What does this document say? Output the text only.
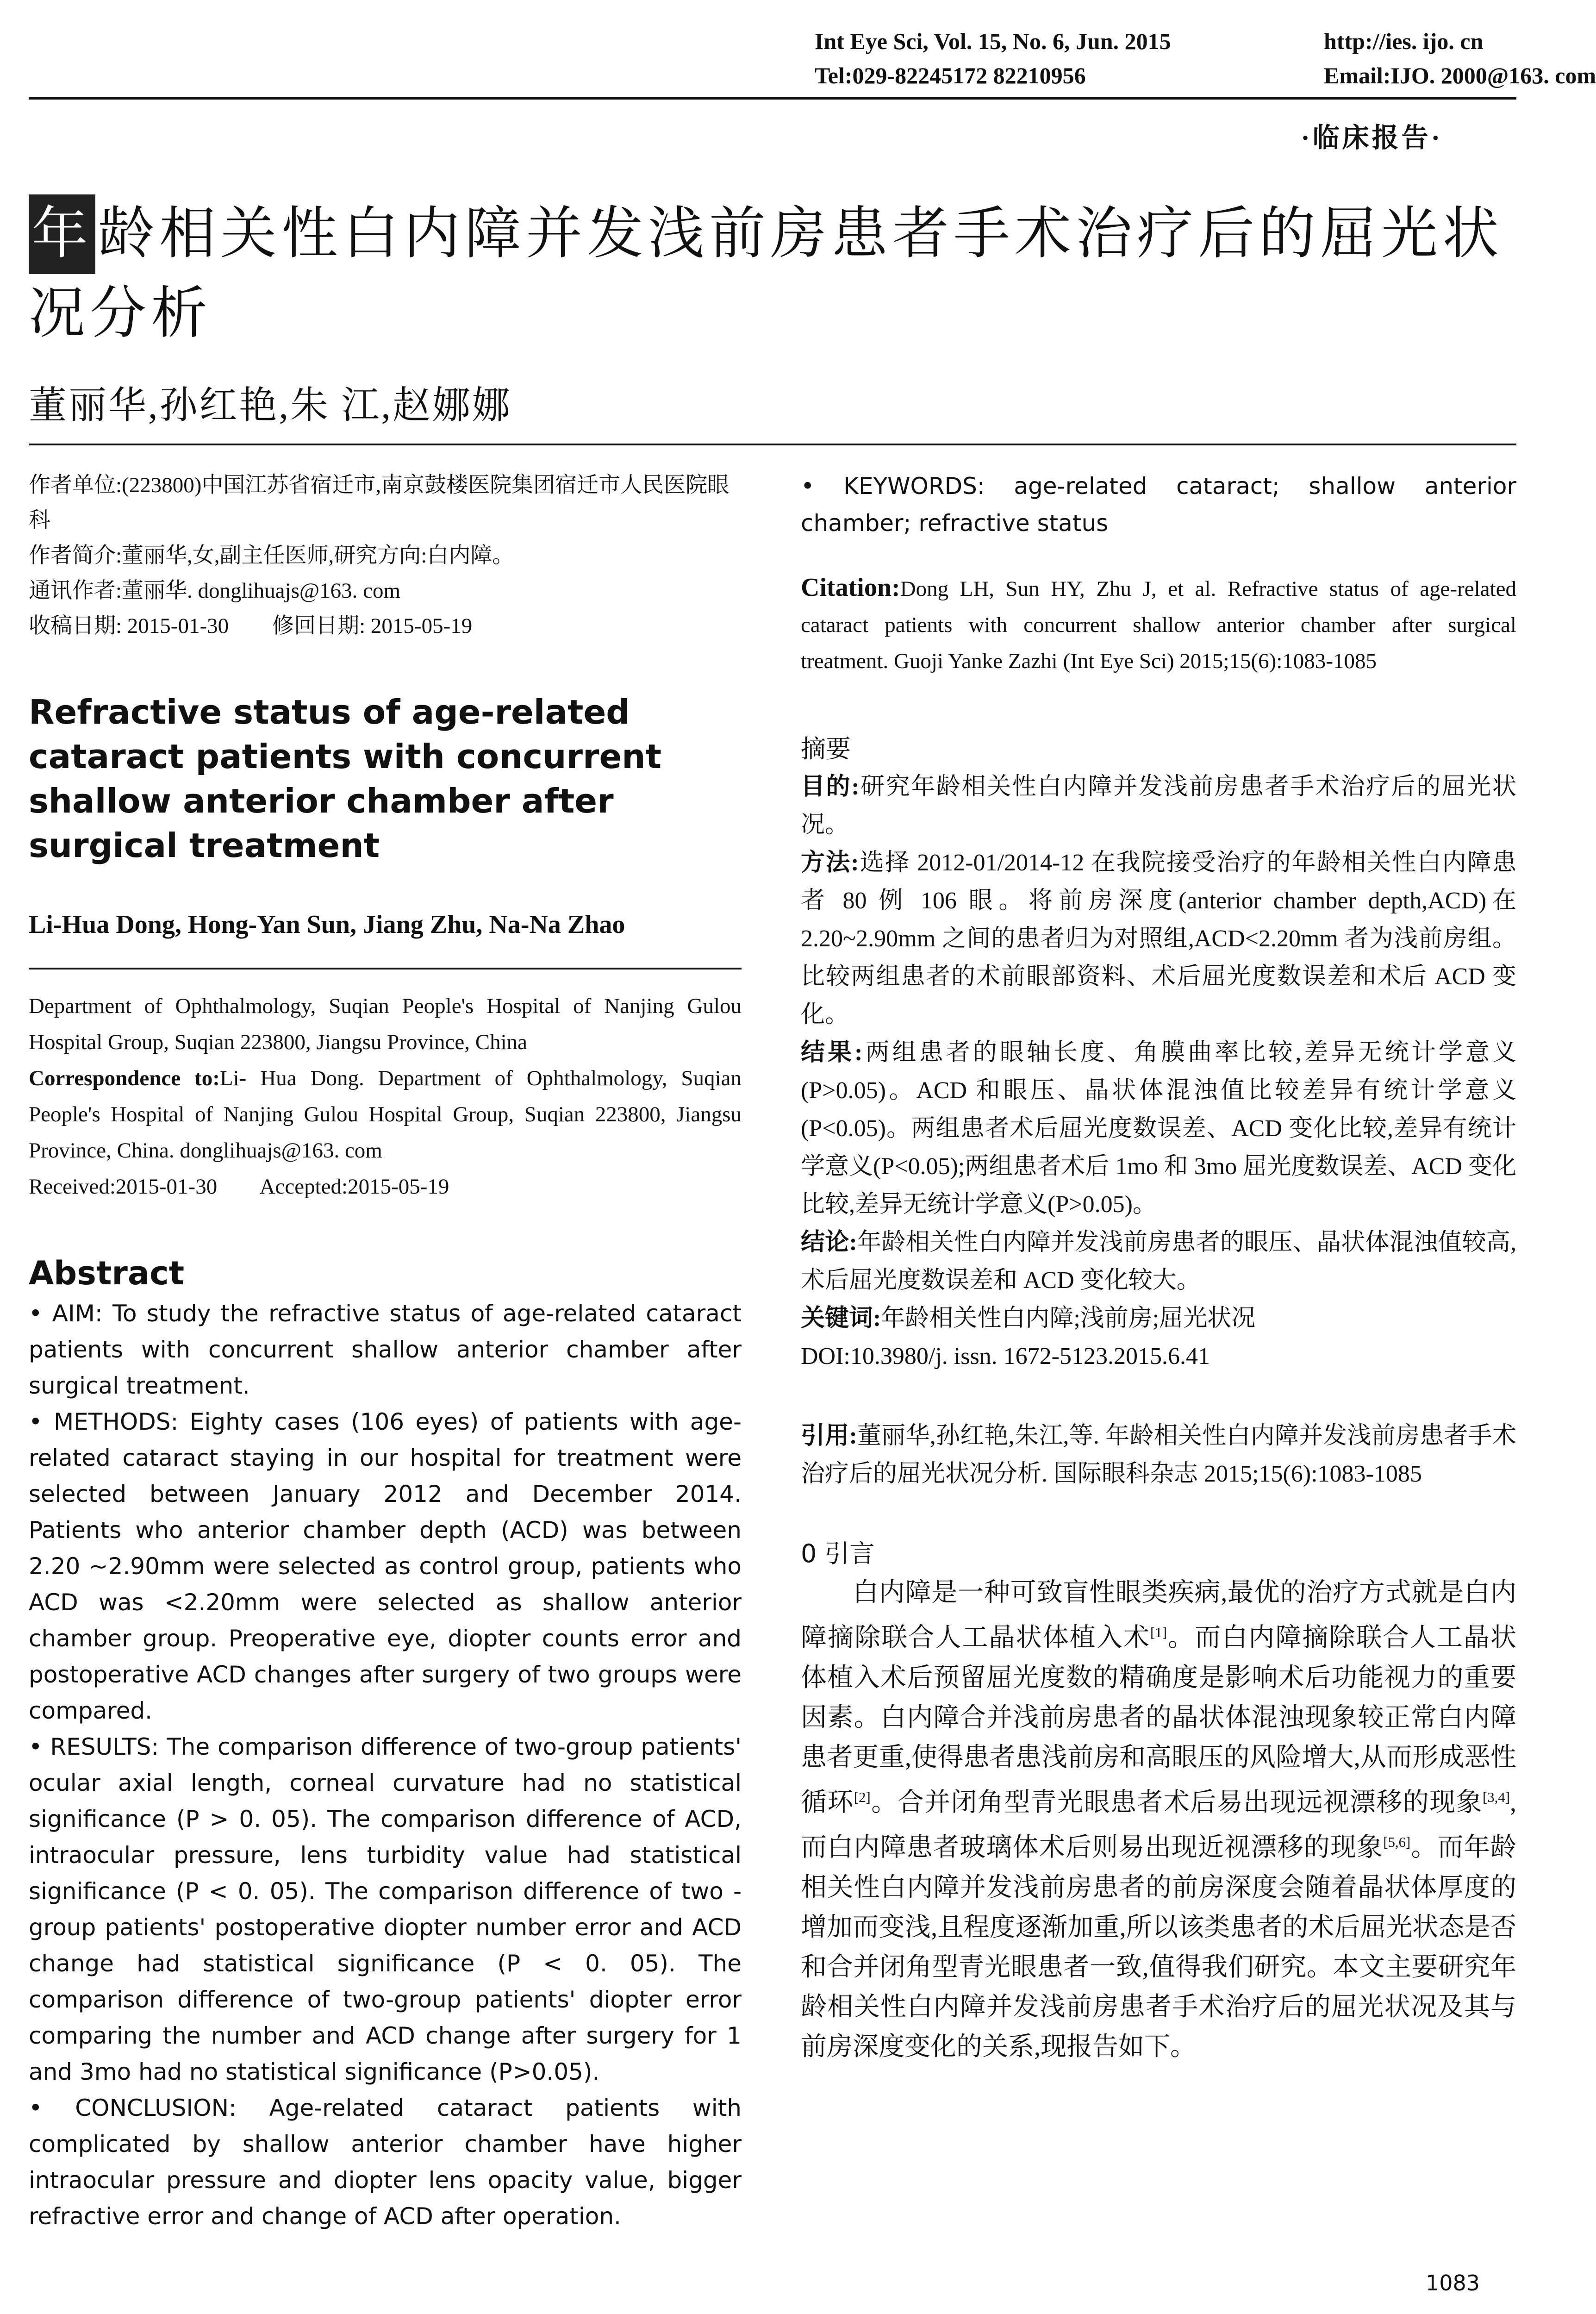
Int Eye Sci, Vol. 15, No. 6, Jun. 2015
Tel:029-82245172 82210956
http://ies. ijo. cn
Email:IJO. 2000@163. com
·临床报告·
年龄相关性白内障并发浅前房患者手术治疗后的屈光状况分析
董丽华,孙红艳,朱 江,赵娜娜

作者单位:(223800)中国江苏省宿迁市,南京鼓楼医院集团宿迁市人民医院眼科

作者简介:董丽华,女,副主任医师,研究方向:白内障。

通讯作者:董丽华. donglihuajs@163. com

收稿日期: 2015-01-30        修回日期: 2015-05-19

Refractive status of age-related cataract patients with concurrent shallow anterior chamber after surgical treatment
Li-Hua Dong, Hong-Yan Sun, Jiang Zhu, Na-Na Zhao

Department of Ophthalmology, Suqian People's Hospital of Nanjing Gulou Hospital Group, Suqian 223800, Jiangsu Province, China

Correspondence to:Li- Hua Dong. Department of Ophthalmology, Suqian People's Hospital of Nanjing Gulou Hospital Group, Suqian 223800, Jiangsu Province, China. donglihuajs@163. com

Received:2015-01-30        Accepted:2015-05-19

Abstract

• AIM: To study the refractive status of age-related cataract patients with concurrent shallow anterior chamber after surgical treatment.

• METHODS: Eighty cases (106 eyes) of patients with age-related cataract staying in our hospital for treatment were selected between January 2012 and December 2014. Patients who anterior chamber depth (ACD) was between 2.20 ~2.90mm were selected as control group, patients who ACD was <2.20mm were selected as shallow anterior chamber group. Preoperative eye, diopter counts error and postoperative ACD changes after surgery of two groups were compared.

• RESULTS: The comparison difference of two-group patients' ocular axial length, corneal curvature had no statistical significance (P > 0. 05). The comparison difference of ACD, intraocular pressure, lens turbidity value had statistical significance (P < 0. 05). The comparison difference of two - group patients' postoperative diopter number error and ACD change had statistical significance (P < 0. 05). The comparison difference of two-group patients' diopter error comparing the number and ACD change after surgery for 1 and 3mo had no statistical significance (P>0.05).

• CONCLUSION: Age-related cataract patients with complicated by shallow anterior chamber have higher intraocular pressure and diopter lens opacity value, bigger refractive error and change of ACD after operation.

• KEYWORDS: age-related cataract; shallow anterior chamber; refractive status
Citation:Dong LH, Sun HY, Zhu J, et al. Refractive status of age-related cataract patients with concurrent shallow anterior chamber after surgical treatment. Guoji Yanke Zazhi (Int Eye Sci) 2015;15(6):1083-1085
摘要

目的:研究年龄相关性白内障并发浅前房患者手术治疗后的屈光状况。

方法:选择 2012-01/2014-12 在我院接受治疗的年龄相关性白内障患者 80 例 106 眼。将前房深度(anterior chamber depth,ACD)在 2.20~2.90mm 之间的患者归为对照组,ACD<2.20mm 者为浅前房组。比较两组患者的术前眼部资料、术后屈光度数误差和术后 ACD 变化。

结果:两组患者的眼轴长度、角膜曲率比较,差异无统计学意义(P>0.05)。ACD 和眼压、晶状体混浊值比较差异有统计学意义(P<0.05)。两组患者术后屈光度数误差、ACD 变化比较,差异有统计学意义(P<0.05);两组患者术后 1mo 和 3mo 屈光度数误差、ACD 变化比较,差异无统计学意义(P>0.05)。

结论:年龄相关性白内障并发浅前房患者的眼压、晶状体混浊值较高,术后屈光度数误差和 ACD 变化较大。

关键词:年龄相关性白内障;浅前房;屈光状况

DOI:10.3980/j. issn. 1672-5123.2015.6.41

引用:董丽华,孙红艳,朱江,等. 年龄相关性白内障并发浅前房患者手术治疗后的屈光状况分析. 国际眼科杂志 2015;15(6):1083-1085
0 引言
白内障是一种可致盲性眼类疾病,最优的治疗方式就是白内障摘除联合人工晶状体植入术[1]。而白内障摘除联合人工晶状体植入术后预留屈光度数的精确度是影响术后功能视力的重要因素。白内障合并浅前房患者的晶状体混浊现象较正常白内障患者更重,使得患者患浅前房和高眼压的风险增大,从而形成恶性循环[2]。合并闭角型青光眼患者术后易出现远视漂移的现象[3,4],而白内障患者玻璃体术后则易出现近视漂移的现象[5,6]。而年龄相关性白内障并发浅前房患者的前房深度会随着晶状体厚度的增加而变浅,且程度逐渐加重,所以该类患者的术后屈光状态是否和合并闭角型青光眼患者一致,值得我们研究。本文主要研究年龄相关性白内障并发浅前房患者手术治疗后的屈光状况及其与前房深度变化的关系,现报告如下。
1083
